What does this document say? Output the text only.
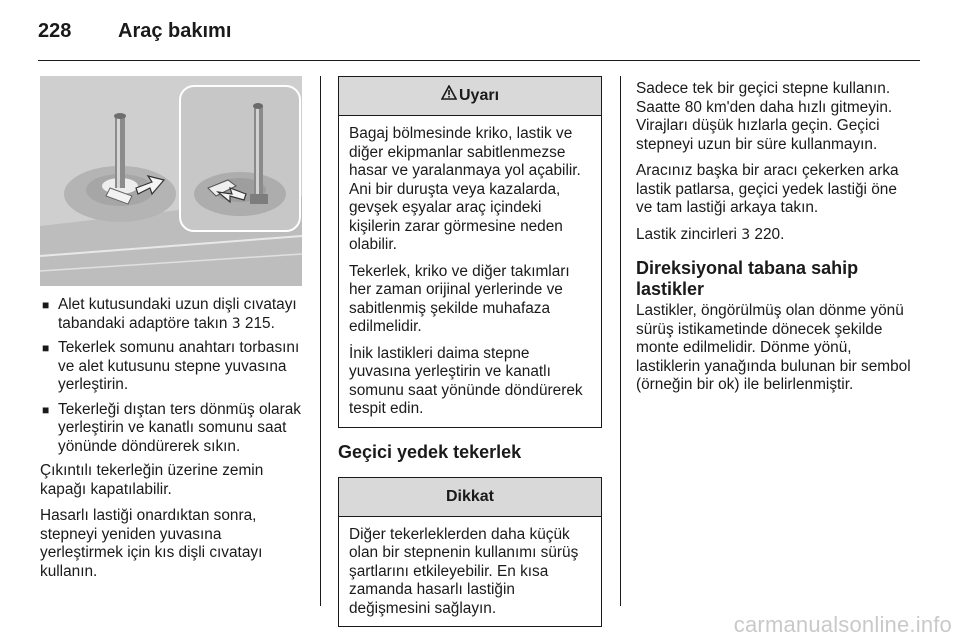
228 Araç bakımı
■ Alet kutusundaki uzun dişli cıvatayı tabandaki adaptöre takın 3 215.
■ Tekerlek somunu anahtarı torbasını ve alet kutusunu stepne yuvasına yerleştirin.
■ Tekerleği dıştan ters dönmüş olarak yerleştirin ve kanatlı somunu saat yönünde döndürerek sıkın.

Çıkıntılı tekerleğin üzerine zemin kapağı kapatılabilir.

Hasarlı lastiği onardıktan sonra, stepneyi yeniden yuvasına yerleştirmek için kıs dişli cıvatayı kullanın.

Uyarı

Bagaj bölmesinde kriko, lastik ve diğer ekipmanlar sabitlenmezse hasar ve yaralanmaya yol açabilir. Ani bir duruşta veya kazalarda, gevşek eşyalar araç içindeki kişilerin zarar görmesine neden olabilir.

Tekerlek, kriko ve diğer takımları her zaman orijinal yerlerinde ve sabitlenmiş şekilde muhafaza edilmelidir.

İnik lastikleri daima stepne yuvasına yerleştirin ve kanatlı somunu saat yönünde döndürerek tespit edin.

Geçici yedek tekerlek
Dikkat

Diğer tekerleklerden daha küçük olan bir stepnenin kullanımı sürüş şartlarını etkileyebilir. En kısa zamanda hasarlı lastiğin değişmesini sağlayın.

Sadece tek bir geçici stepne kullanın. Saatte 80 km'den daha hızlı gitmeyin. Virajları düşük hızlarla geçin. Geçici stepneyi uzun bir süre kullanmayın.

Aracınız başka bir aracı çekerken arka lastik patlarsa, geçici yedek lastiği öne ve tam lastiği arkaya takın.

Lastik zincirleri 3 220.

Direksiyonal tabana sahip lastikler

Lastikler, öngörülmüş olan dönme yönü sürüş istikametinde dönecek şekilde monte edilmelidir. Dönme yönü, lastiklerin yanağında bulunan bir sembol (örneğin bir ok) ile belirlenmiştir.

carmanualsonline.info
